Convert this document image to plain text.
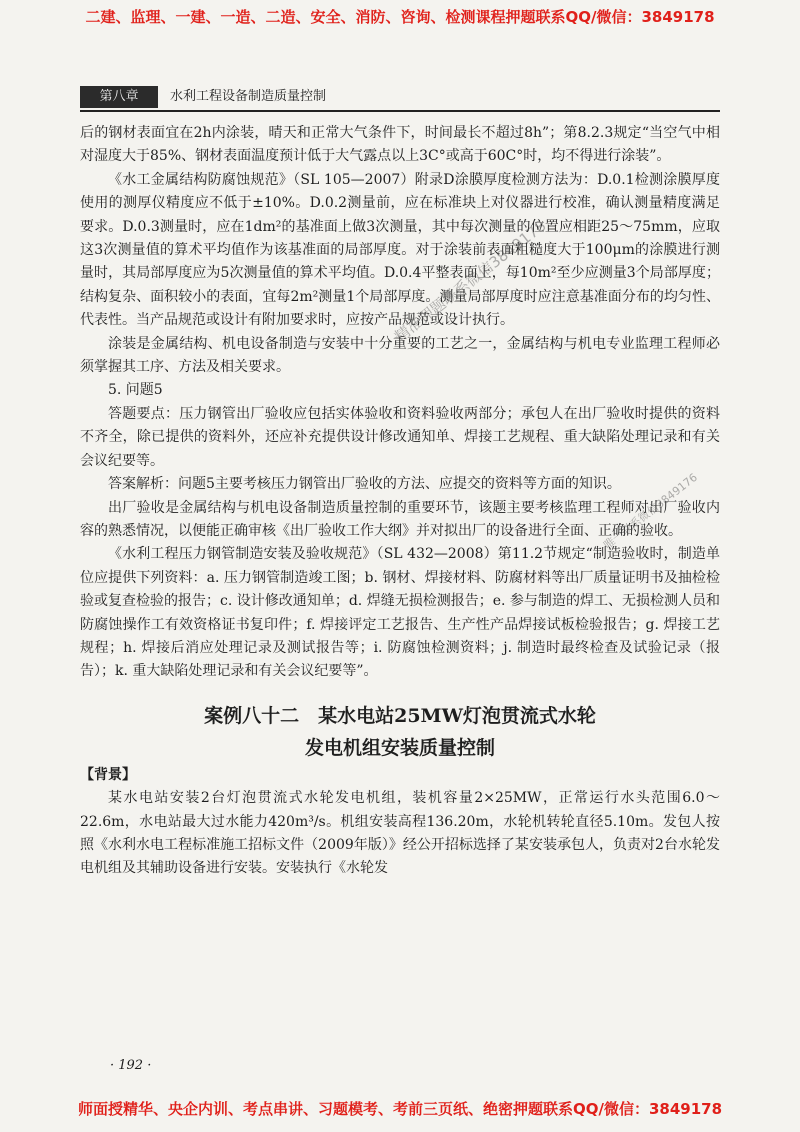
二建、监理、一建、一造、二造、安全、消防、咨询、检测课程押题联系QQ/微信：3849178
第八章	水利工程设备制造质量控制

后的钢材表面宜在2h内涂装，晴天和正常大气条件下，时间最长不超过8h”；第8.2.3规定“当空气中相对湿度大于85%、钢材表面温度预计低于大气露点以上3C°或高于60C°时，均不得进行涂装”。

《水工金属结构防腐蚀规范》（SL 105—2007）附录D涂膜厚度检测方法为：D.0.1检测涂膜厚度使用的测厚仪精度应不低于±10%。D.0.2测量前，应在标准块上对仪器进行校准，确认测量精度满足要求。D.0.3测量时，应在1dm²的基准面上做3次测量，其中每次测量的位置应相距25～75mm，应取这3次测量值的算术平均值作为该基准面的局部厚度。对于涂装前表面粗糙度大于100μm的涂膜进行测量时，其局部厚度应为5次测量值的算术平均值。D.0.4平整表面上，每10m²至少应测量3个局部厚度；结构复杂、面积较小的表面，宜每2m²测量1个局部厚度。测量局部厚度时应注意基准面分布的均匀性、代表性。当产品规范或设计有附加要求时，应按产品规范或设计执行。

涂装是金属结构、机电设备制造与安装中十分重要的工艺之一，金属结构与机电专业监理工程师必须掌握其工序、方法及相关要求。

5. 问题5

答题要点：压力钢管出厂验收应包括实体验收和资料验收两部分；承包人在出厂验收时提供的资料不齐全，除已提供的资料外，还应补充提供设计修改通知单、焊接工艺规程、重大缺陷处理记录和有关会议纪要等。

答案解析：问题5主要考核压力钢管出厂验收的方法、应提交的资料等方面的知识。

出厂验收是金属结构与机电设备制造质量控制的重要环节，该题主要考核监理工程师对出厂验收内容的熟悉情况，以便能正确审核《出厂验收工作大纲》并对拟出厂的设备进行全面、正确的验收。

《水利工程压力钢管制造安装及验收规范》（SL 432—2008）第11.2节规定“制造验收时，制造单位应提供下列资料：a. 压力钢管制造竣工图；b. 钢材、焊接材料、防腐材料等出厂质量证明书及抽检检验或复查检验的报告；c. 设计修改通知单；d. 焊缝无损检测报告；e. 参与制造的焊工、无损检测人员和防腐蚀操作工有效资格证书复印件；f. 焊接评定工艺报告、生产性产品焊接试板检验报告；g. 焊接工艺规程；h. 焊接后消应处理记录及测试报告等；i. 防腐蚀检测资料；j. 制造时最终检查及试验记录（报告）；k. 重大缺陷处理记录和有关会议纪要等”。

案例八十二　某水电站25MW灯泡贯流式水轮
发电机组安装质量控制

【背景】

某水电站安装2台灯泡贯流式水轮发电机组，装机容量2×25MW，正常运行水头范围6.0～22.6m，水电站最大过水能力420m³/s。机组安装高程136.20m，水轮机转轮直径5.10m。发包人按照《水利水电工程标准施工招标文件（2009年版）》经公开招标选择了某安装承包人，负责对2台水轮发电机组及其辅助设备进行安装。安装执行《水轮发

· 192 ·
精准押题联系微信3849178
唯一联系微信3849176
师面授精华、央企内训、考点串讲、习题模考、考前三页纸、绝密押题联系QQ/微信：3849178
